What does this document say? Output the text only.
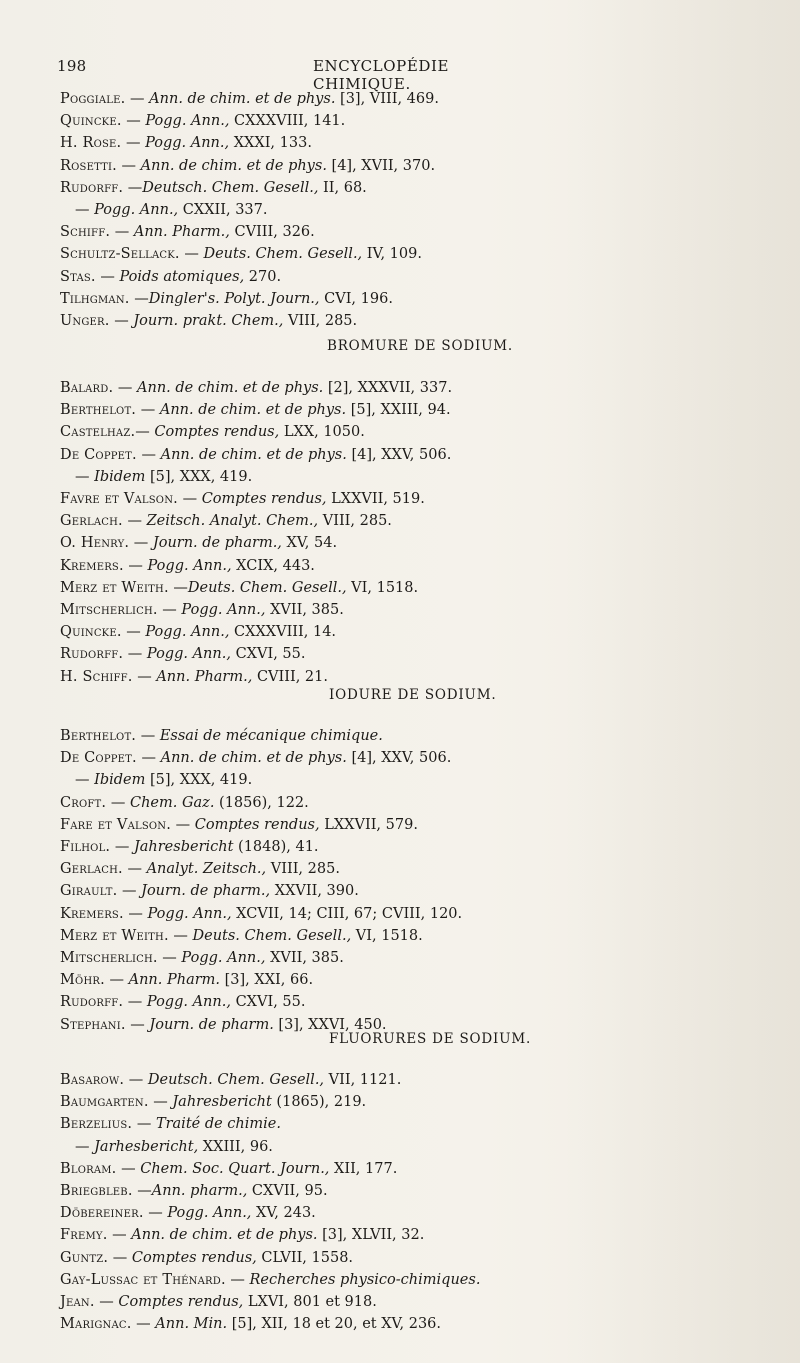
198	ENCYCLOPÉDIE CHIMIQUE.
Poggiale. — Ann. de chim. et de phys. [3], VIII, 469.
Quincke. — Pogg. Ann., CXXXVIII, 141.
H. Rose. — Pogg. Ann., XXXI, 133.
Rosetti. — Ann. de chim. et de phys. [4], XVII, 370.
Rudorff. —Deutsch. Chem. Gesell., II, 68.
— Pogg. Ann., CXXII, 337.
Schiff. — Ann. Pharm., CVIII, 326.
Schultz-Sellack. — Deuts. Chem. Gesell., IV, 109.
Stas. — Poids atomiques, 270.
Tilhgman. —Dingler's. Polyt. Journ., CVI, 196.
Unger. — Journ. prakt. Chem., VIII, 285.
BROMURE DE SODIUM.
Balard. — Ann. de chim. et de phys. [2], XXXVII, 337.
Berthelot. — Ann. de chim. et de phys. [5], XXIII, 94.
Castelhaz.— Comptes rendus, LXX, 1050.
De Coppet. — Ann. de chim. et de phys. [4], XXV, 506.
— Ibidem [5], XXX, 419.
Favre et Valson. — Comptes rendus, LXXVII, 519.
Gerlach. — Zeitsch. Analyt. Chem., VIII, 285.
O. Henry. — Journ. de pharm., XV, 54.
Kremers. — Pogg. Ann., XCIX, 443.
Merz et Weith. —Deuts. Chem. Gesell., VI, 1518.
Mitscherlich. — Pogg. Ann., XVII, 385.
Quincke. — Pogg. Ann., CXXXVIII, 14.
Rudorff. — Pogg. Ann., CXVI, 55.
H. Schiff. — Ann. Pharm., CVIII, 21.
IODURE DE SODIUM.
Berthelot. — Essai de mécanique chimique.
De Coppet. — Ann. de chim. et de phys. [4], XXV, 506.
— Ibidem [5], XXX, 419.
Croft. — Chem. Gaz. (1856), 122.
Fare et Valson. — Comptes rendus, LXXVII, 579.
Filhol. — Jahresbericht (1848), 41.
Gerlach. — Analyt. Zeitsch., VIII, 285.
Girault. — Journ. de pharm., XXVII, 390.
Kremers. — Pogg. Ann., XCVII, 14; CIII, 67; CVIII, 120.
Merz et Weith. — Deuts. Chem. Gesell., VI, 1518.
Mitscherlich. — Pogg. Ann., XVII, 385.
Möhr. — Ann. Pharm. [3], XXI, 66.
Rudorff. — Pogg. Ann., CXVI, 55.
Stephani. — Journ. de pharm. [3], XXVI, 450.
FLUORURES DE SODIUM.
Basarow. — Deutsch. Chem. Gesell., VII, 1121.
Baumgarten. — Jahresbericht (1865), 219.
Berzelius. — Traité de chimie.
— Jarhesbericht, XXIII, 96.
Bloram. — Chem. Soc. Quart. Journ., XII, 177.
Briegbleb. —Ann. pharm., CXVII, 95.
Döbereiner. — Pogg. Ann., XV, 243.
Fremy. — Ann. de chim. et de phys. [3], XLVII, 32.
Guntz. — Comptes rendus, CLVII, 1558.
Gay-Lussac et Thénard. — Recherches physico-chimiques.
Jean. — Comptes rendus, LXVI, 801 et 918.
Marignac. — Ann. Min. [5], XII, 18 et 20, et XV, 236.
